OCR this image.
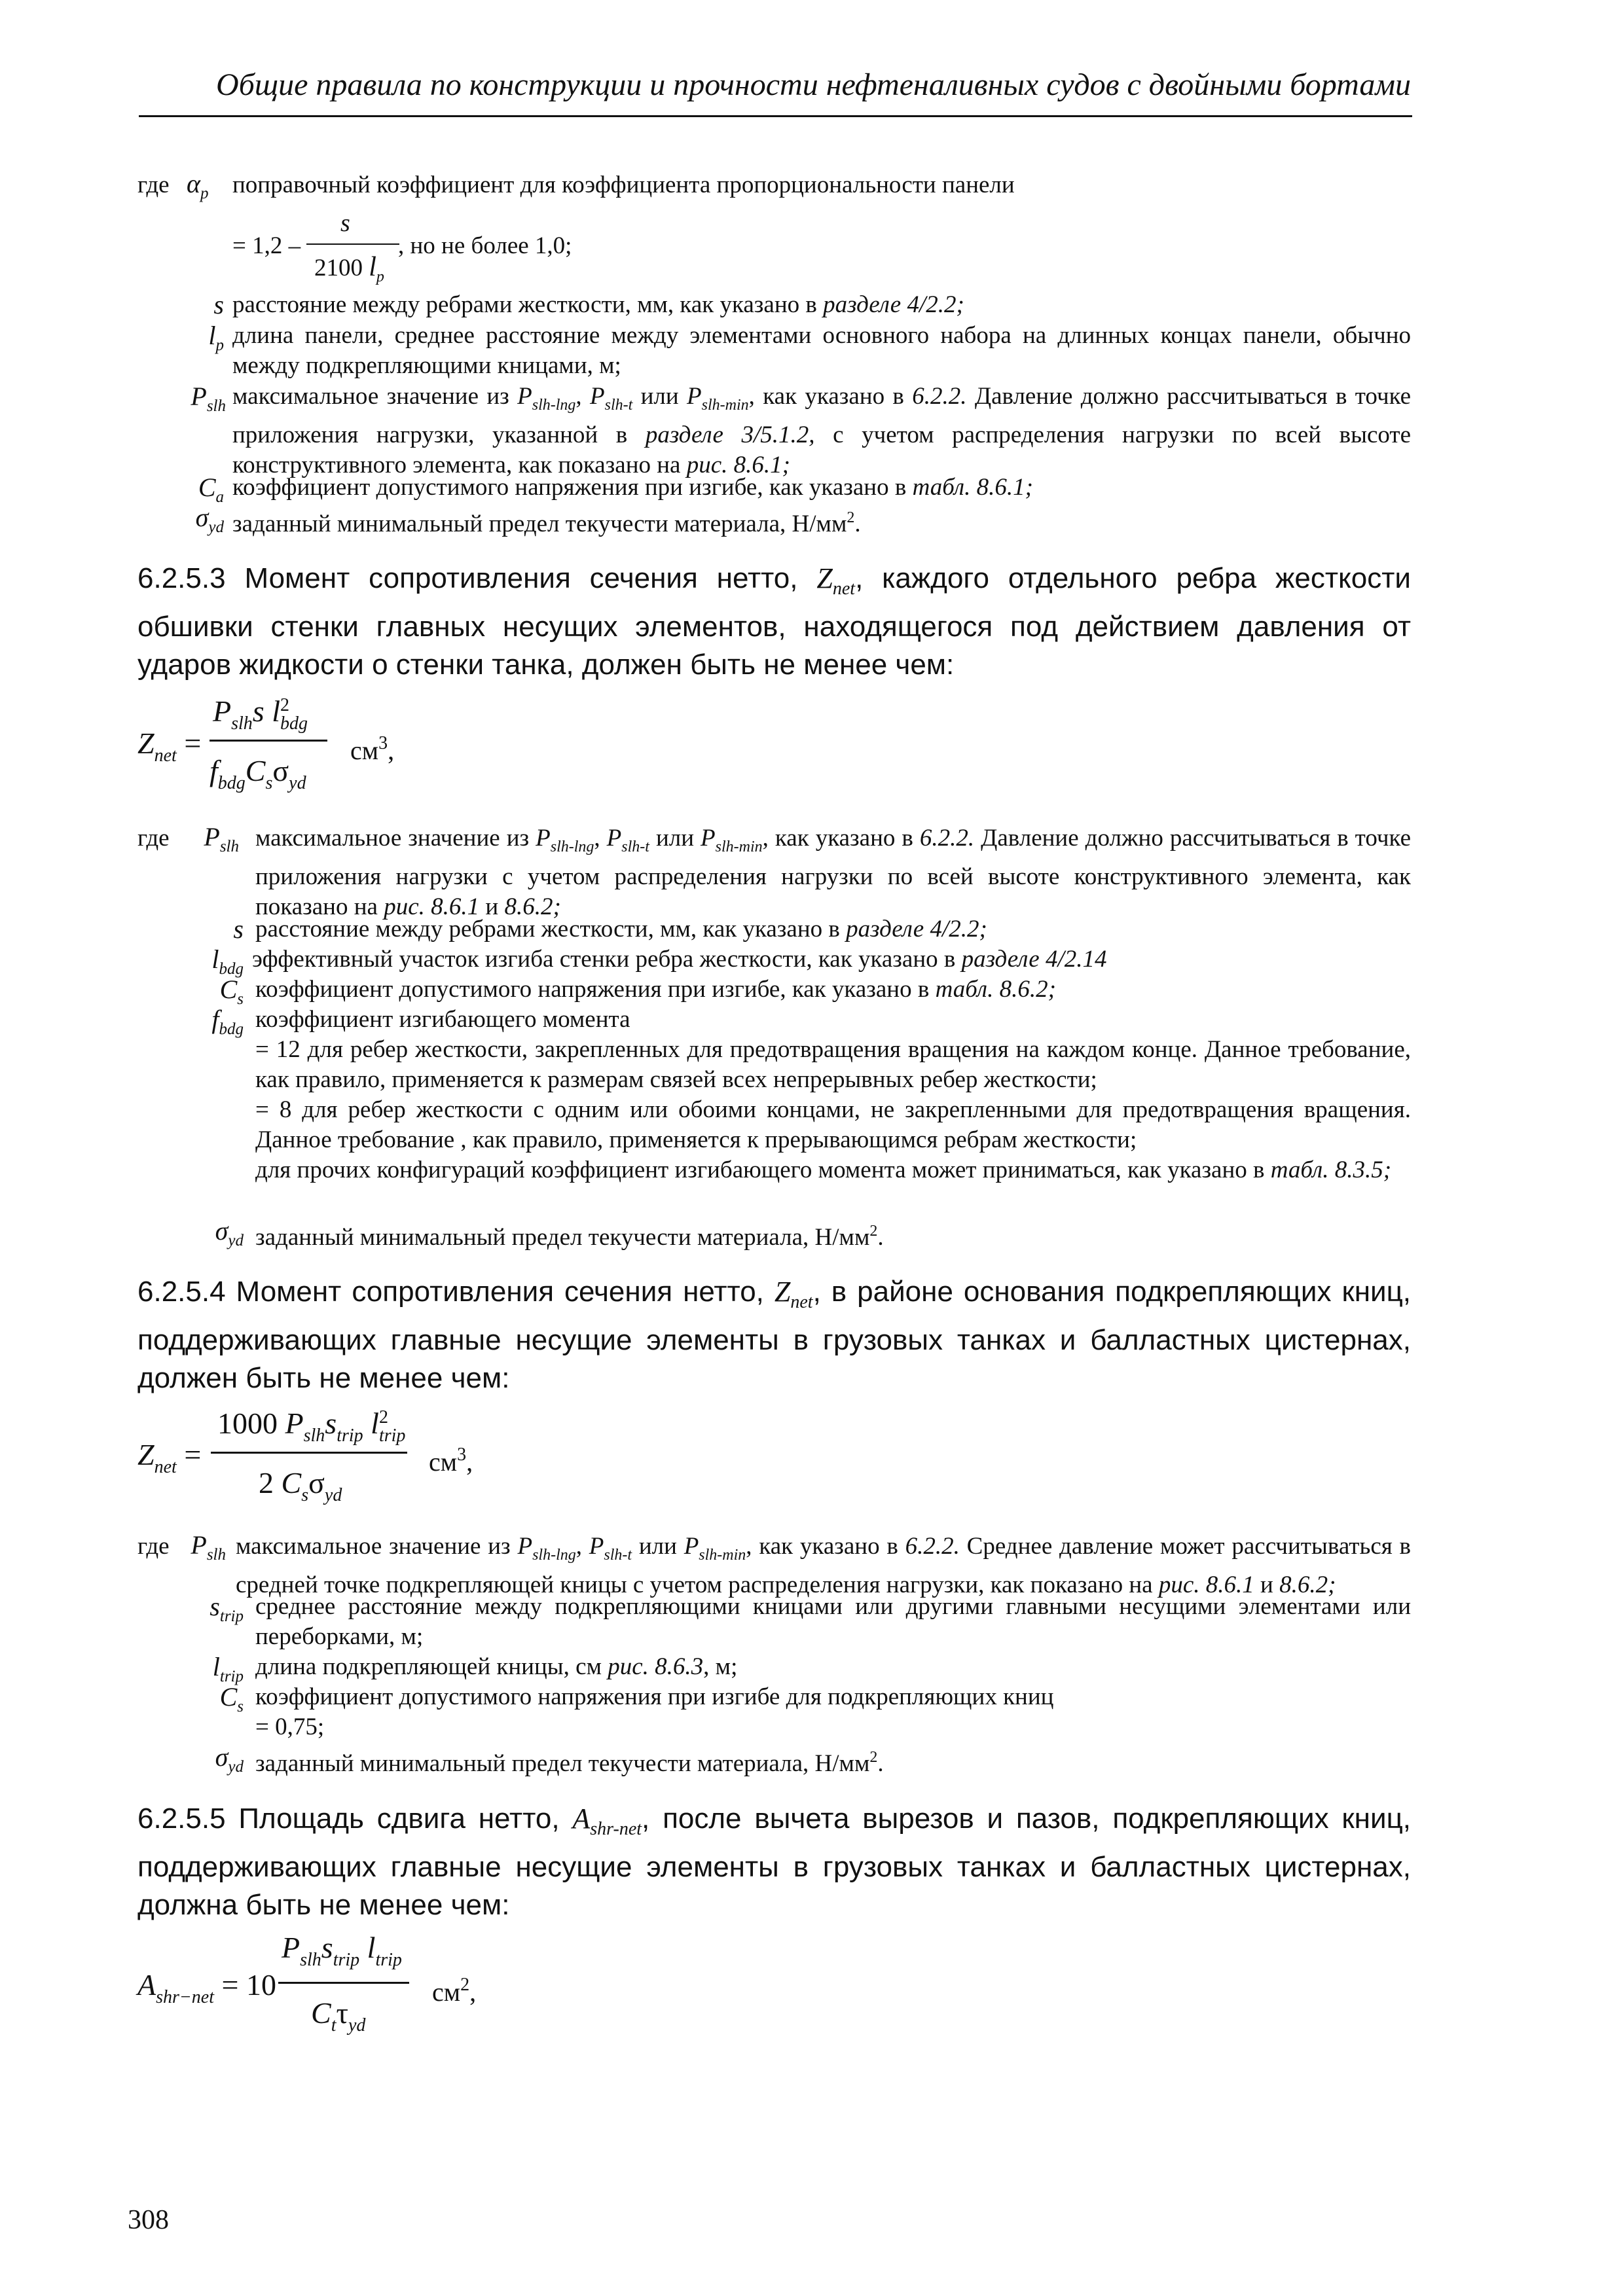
Общие правила по конструкции и прочности нефтеналивных судов с двойными бортами
где $\alpha_p$ поправочный коэффициент для коэффициента пропорциональности панели
= 1,2 –
s
2100 $l_p$
, но не более 1,0;
s расстояние между ребрами жесткости, мм, как указано в разделе 4/2.2;
$l_p$ длина панели, среднее расстояние между элементами основного набора на длинных концах панели, обычно между подкрепляющими кницами, м;
$P_{slh}$ максимальное значение из $P_{slh-lng}$, $P_{slh-t}$ или $P_{slh-min}$, как указано в 6.2.2. Давление должно рассчитываться в точке приложения нагрузки, указанной в разделе 3/5.1.2, с учетом распределения нагрузки по всей высоте конструктивного элемента, как показано на рис. 8.6.1;
$C_a$ коэффициент допустимого напряжения при изгибе, как указано в табл. 8.6.1;
$\sigma_{yd}$ заданный минимальный предел текучести материала, $Н/мм^2$.
6.2.5.3 Момент сопротивления сечения нетто, $Z_{net}$, каждого отдельного ребра жесткости обшивки стенки главных несущих элементов, находящегося под действием давления от ударов жидкости о стенки танка, должен быть не менее чем:
$Z_{net}$ =
$P_{slh}s$ $l^2_{bdg}$
$f_{bdg}C_s\sigma_{yd}$
$см^3$,
где	$P_{slh}$ максимальное значение из $P_{slh-lng}$, $P_{slh-t}$ или $P_{slh-min}$, как указано в 6.2.2. Давление должно рассчитываться в точке приложения нагрузки с учетом распределения нагрузки по всей высоте конструктивного элемента, как показано на рис. 8.6.1 и 8.6.2;
s расстояние между ребрами жесткости, мм, как указано в разделе 4/2.2;
$l_{bdg}$ эффективный участок изгиба стенки ребра жесткости, как указано в разделе 4/2.14
$C_s$ коэффициент допустимого напряжения при изгибе, как указано в табл. 8.6.2;
$f_{bdg}$ коэффициент изгибающего момента
= 12 для ребер жесткости, закрепленных для предотвращения вращения на каждом конце. Данное требование, как правило, применяется к размерам связей всех непрерывных ребер жесткости;
= 8 для ребер жесткости с одним или обоими концами, не закрепленными для предотвращения вращения. Данное требование , как правило, применяется к прерывающимся ребрам жесткости;
для прочих конфигураций коэффициент изгибающего момента может приниматься, как указано в табл. 8.3.5;
$\sigma_{yd}$ заданный минимальный предел текучести материала, $Н/мм^2$.
6.2.5.4 Момент сопротивления сечения нетто, $Z_{net}$, в районе основания подкрепляющих книц, поддерживающих главные несущие элементы в грузовых танках и балластных цистернах, должен быть не менее чем:
$Z_{net}$ =
1000 $P_{slh}s_{trip}$ $l^2_{trip}$
2 $C_s\sigma_{yd}$
$см^3$,
где $P_{slh}$ максимальное значение из $P_{slh-lng}$, $P_{slh-t}$ или $P_{slh-min}$, как указано в 6.2.2. Среднее давление может рассчитываться в средней точке подкрепляющей кницы с учетом распределения нагрузки, как показано на рис. 8.6.1 и 8.6.2;
$s_{trip}$ среднее расстояние между подкрепляющими кницами или другими главными несущими элементами или переборками, м;
$l_{trip}$ длина подкрепляющей кницы, см рис. 8.6.3, м;
$C_s$ коэффициент допустимого напряжения при изгибе для подкрепляющих книц
= 0,75;
$\sigma_{yd}$ заданный минимальный предел текучести материала, $Н/мм^2$.
6.2.5.5 Площадь сдвига нетто, $A_{shr-net}$, после вычета вырезов и пазов, подкрепляющих книц, поддерживающих главные несущие элементы в грузовых танках и балластных цистернах, должна быть не менее чем:
$A_{shr-net} = 10$
$P_{slh}s_{trip}$ $l_{trip}$
$C_t\tau_{yd}$
$см^2$,
308
